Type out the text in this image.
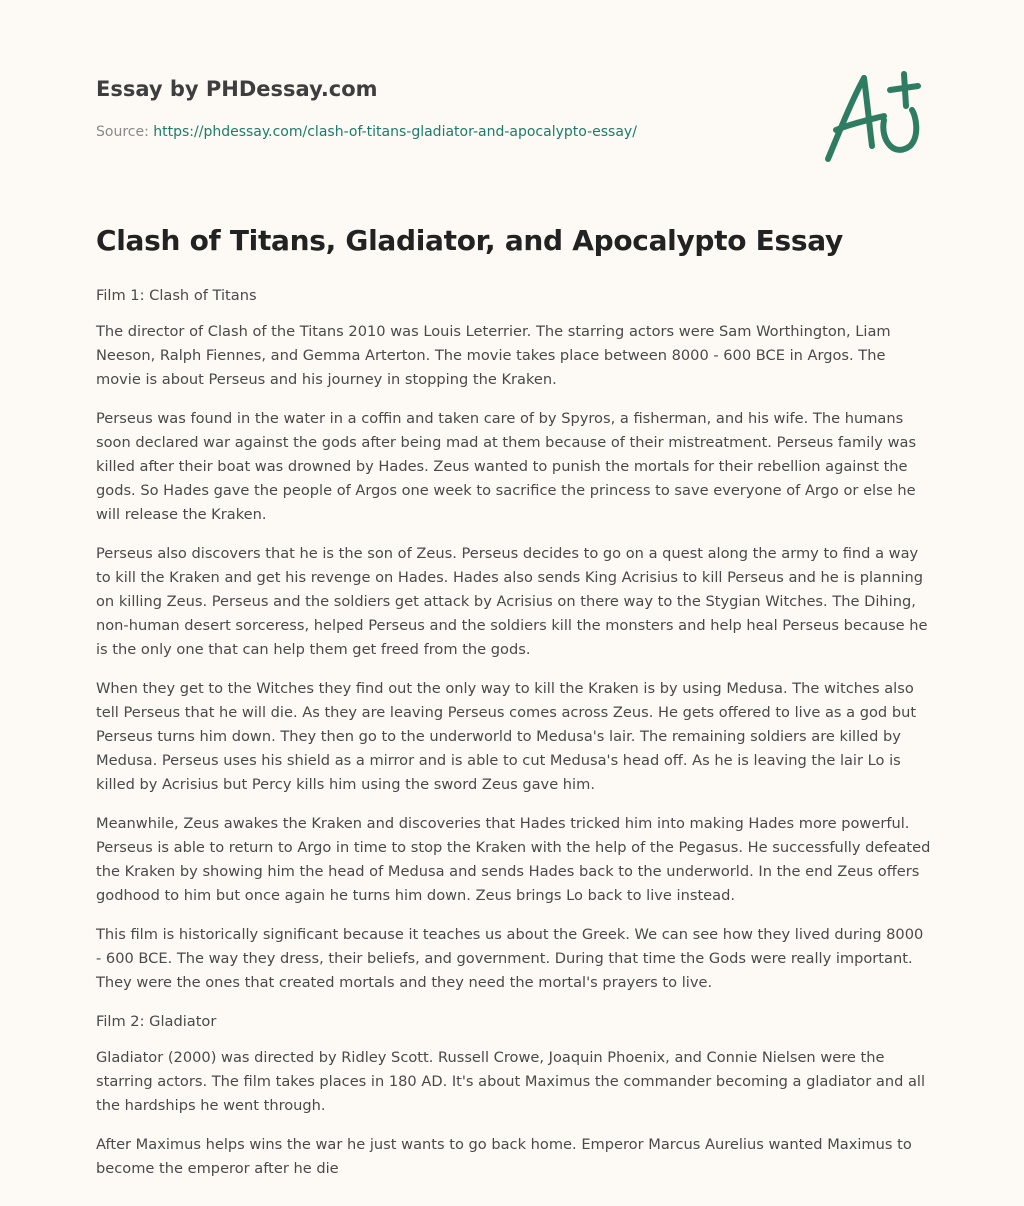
Essay by PHDessay.com
Source: https://phdessay.com/clash-of-titans-gladiator-and-apocalypto-essay/
Clash of Titans, Gladiator, and Apocalypto Essay

Film 1: Clash of Titans

The director of Clash of the Titans 2010 was Louis Leterrier. The starring actors were Sam Worthington, Liam Neeson, Ralph Fiennes, and Gemma Arterton. The movie takes place between 8000 - 600 BCE in Argos. The movie is about Perseus and his journey in stopping the Kraken.

Perseus was found in the water in a coffin and taken care of by Spyros, a fisherman, and his wife. The humans soon declared war against the gods after being mad at them because of their mistreatment. Perseus family was killed after their boat was drowned by Hades. Zeus wanted to punish the mortals for their rebellion against the gods. So Hades gave the people of Argos one week to sacrifice the princess to save everyone of Argo or else he will release the Kraken.

Perseus also discovers that he is the son of Zeus. Perseus decides to go on a quest along the army to find a way to kill the Kraken and get his revenge on Hades. Hades also sends King Acrisius to kill Perseus and he is planning on killing Zeus. Perseus and the soldiers get attack by Acrisius on there way to the Stygian Witches. The Dihing, non-human desert sorceress, helped Perseus and the soldiers kill the monsters and help heal Perseus because he is the only one that can help them get freed from the gods.

When they get to the Witches they find out the only way to kill the Kraken is by using Medusa. The witches also tell Perseus that he will die. As they are leaving Perseus comes across Zeus. He gets offered to live as a god but Perseus turns him down. They then go to the underworld to Medusa's lair. The remaining soldiers are killed by Medusa. Perseus uses his shield as a mirror and is able to cut Medusa's head off. As he is leaving the lair Lo is killed by Acrisius but Percy kills him using the sword Zeus gave him.

Meanwhile, Zeus awakes the Kraken and discoveries that Hades tricked him into making Hades more powerful. Perseus is able to return to Argo in time to stop the Kraken with the help of the Pegasus. He successfully defeated the Kraken by showing him the head of Medusa and sends Hades back to the underworld. In the end Zeus offers godhood to him but once again he turns him down. Zeus brings Lo back to live instead.

This film is historically significant because it teaches us about the Greek. We can see how they lived during 8000 - 600 BCE. The way they dress, their beliefs, and government. During that time the Gods were really important. They were the ones that created mortals and they need the mortal's prayers to live.

Film 2: Gladiator

Gladiator (2000) was directed by Ridley Scott. Russell Crowe, Joaquin Phoenix, and Connie Nielsen were the starring actors. The film takes places in 180 AD. It's about Maximus the commander becoming a gladiator and all the hardships he went through.

After Maximus helps wins the war he just wants to go back home. Emperor Marcus Aurelius wanted Maximus to become the emperor after he die
